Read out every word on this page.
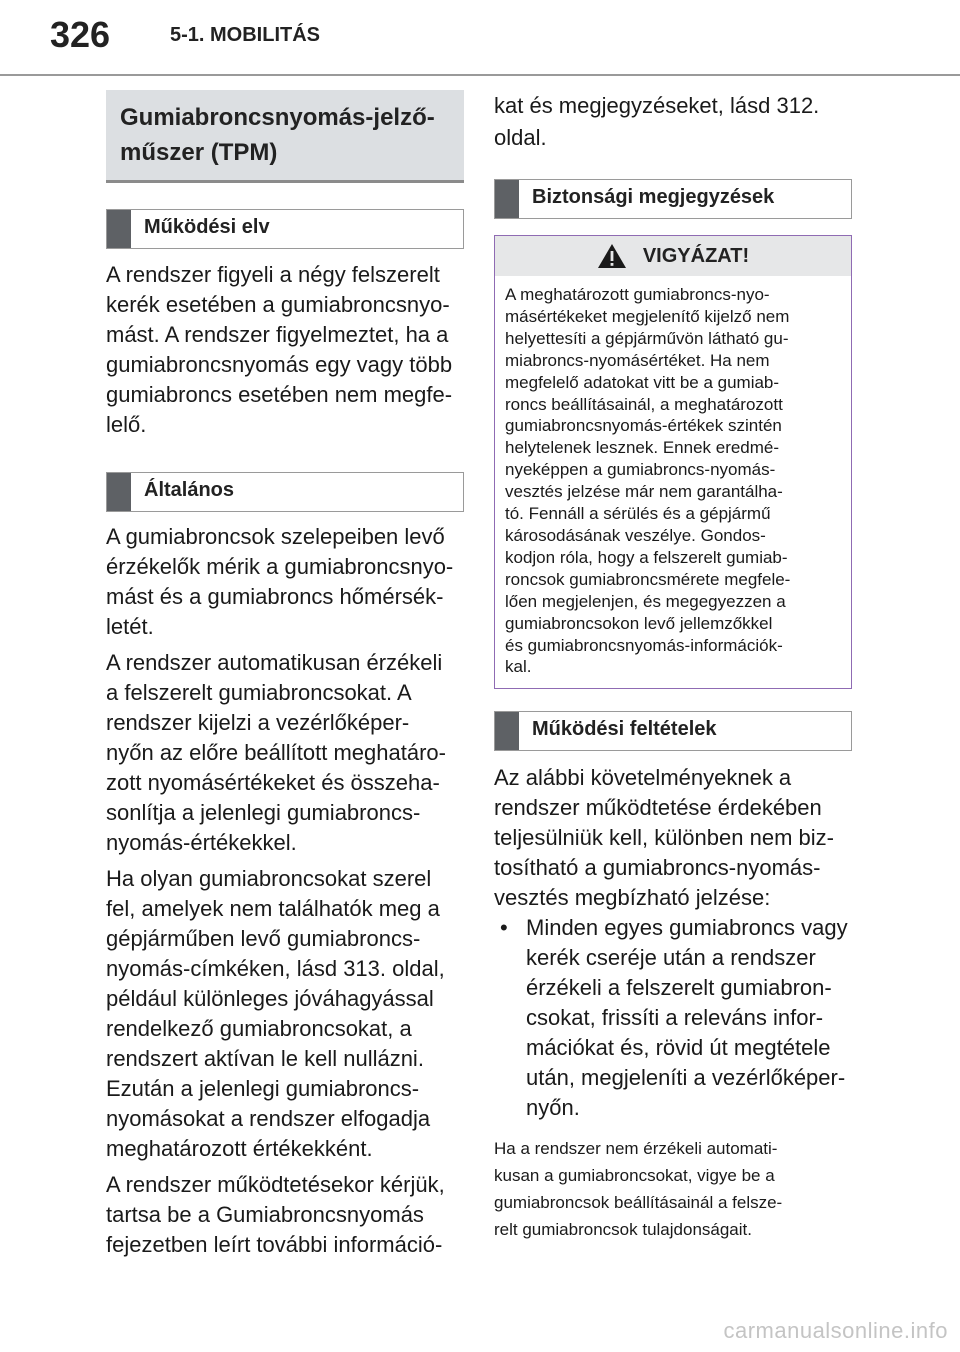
326	5-1. MOBILITÁS
Gumiabroncsnyomás-jelző-
műszer (TPM)
Működési elv

A rendszer figyeli a négy felszerelt
kerék esetében a gumiabroncsnyo-
mást. A rendszer figyelmeztet, ha a
gumiabroncsnyomás egy vagy több
gumiabroncs esetében nem megfe-
lelő.

Általános

A gumiabroncsok szelepeiben levő
érzékelők mérik a gumiabroncsnyo-
mást és a gumiabroncs hőmérsék-
letét.

A rendszer automatikusan érzékeli
a felszerelt gumiabroncsokat. A
rendszer kijelzi a vezérlőképer-
nyőn az előre beállított meghatáro-
zott nyomásértékeket és összeha-
sonlítja a jelenlegi gumiabroncs-
nyomás-értékekkel.

Ha olyan gumiabroncsokat szerel
fel, amelyek nem találhatók meg a
gépjárműben levő gumiabroncs-
nyomás-címkéken, lásd 313. oldal,
például különleges jóváhagyással
rendelkező gumiabroncsokat, a
rendszert aktívan le kell nullázni.
Ezután a jelenlegi gumiabroncs-
nyomásokat a rendszer elfogadja
meghatározott értékekként.

A rendszer működtetésekor kérjük,
tartsa be a Gumiabroncsnyomás
fejezetben leírt további információ-

kat és megjegyzéseket, lásd 312.
oldal.

Biztonsági megjegyzések
VIGYÁZAT!

A meghatározott gumiabroncs-nyo-
másértékeket megjelenítő kijelző nem
helyettesíti a gépjárművön látható gu-
miabroncs-nyomásértéket. Ha nem
megfelelő adatokat vitt be a gumiab-
roncs beállításainál, a meghatározott
gumiabroncsnyomás-értékek szintén
helytelenek lesznek. Ennek eredmé-
nyeképpen a gumiabroncs-nyomás-
vesztés jelzése már nem garantálha-
tó. Fennáll a sérülés és a gépjármű
károsodásának veszélye. Gondos-
kodjon róla, hogy a felszerelt gumiab-
roncsok gumiabroncsmérete megfele-
lően megjelenjen, és megegyezzen a
gumiabroncsokon levő jellemzőkkel
és gumiabroncsnyomás-információk-
kal.

Működési feltételek

Az alábbi követelményeknek a
rendszer működtetése érdekében
teljesülniük kell, különben nem biz-
tosítható a gumiabroncs-nyomás-
vesztés megbízható jelzése:

• Minden egyes gumiabroncs vagy
kerék cseréje után a rendszer
érzékeli a felszerelt gumiabron-
csokat, frissíti a releváns infor-
mációkat és, rövid út megtétele
után, megjeleníti a vezérlőképer-
nyőn.

Ha a rendszer nem érzékeli automati-
kusan a gumiabroncsokat, vigye be a
gumiabroncsok beállításainál a felsze-
relt gumiabroncsok tulajdonságait.

carmanualsonline.info
